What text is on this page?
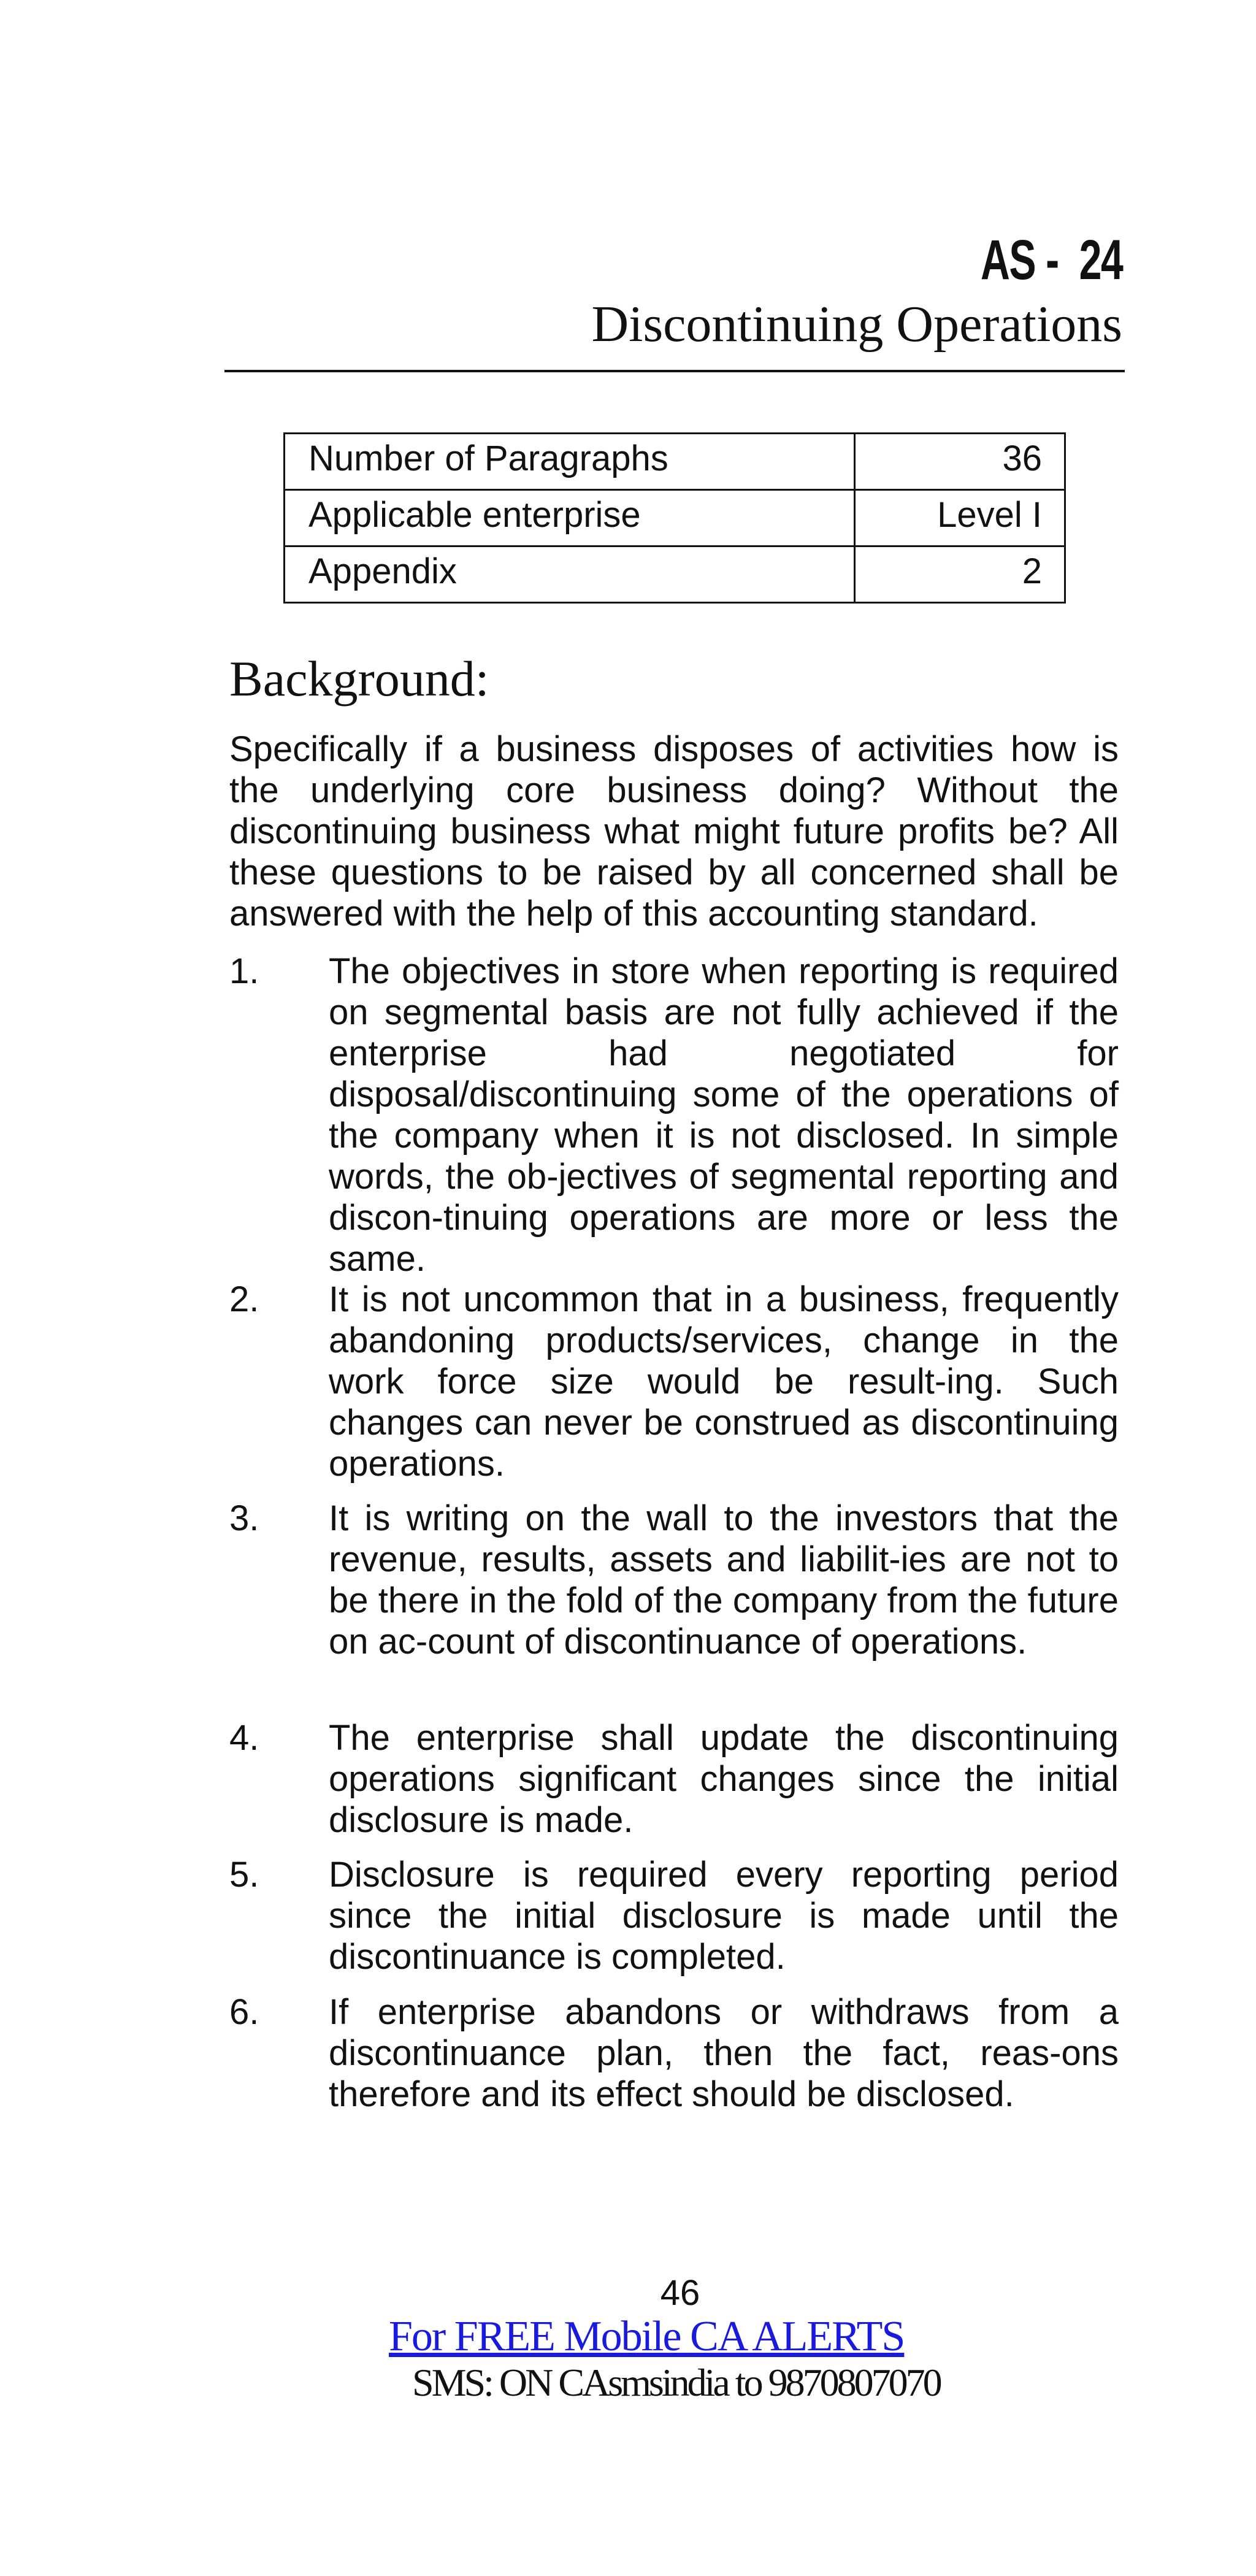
AS -  24
Discontinuing Operations
Number of Paragraphs	36
Applicable enterprise	Level I
Appendix	2
Background:

Specifically if a business disposes of activities how is the underlying core business doing? Without the discontinuing business what might future profits be? All these questions to be raised by all concerned shall be answered with the help of this accounting standard.

1. The objectives in store when reporting is required on segmental basis are not fully achieved if the enterprise had negotiated for disposal/discontinuing some of the operations of the company when it is not disclosed. In simple words, the ob-jectives of segmental reporting and discon-tinuing operations are more or less the same.
2. It is not uncommon that in a business, frequently abandoning products/services, change in the work force size would be result-ing. Such changes can never be construed as discontinuing operations.
3. It is writing on the wall to the investors that the revenue, results, assets and liabilit-ies are not to be there in the fold of the company from the future on ac-count of discontinuance of operations.
4. The enterprise shall update the discontinuing operations significant changes since the initial disclosure is made.
5. Disclosure is required every reporting period since the initial disclosure is made until the discontinuance is completed.
6. If enterprise abandons or withdraws from a discontinuance plan, then the fact, reas-ons therefore and its effect should be disclosed.
46
For FREE Mobile CA ALERTS
SMS: ON CAsmsindia to 9870807070
